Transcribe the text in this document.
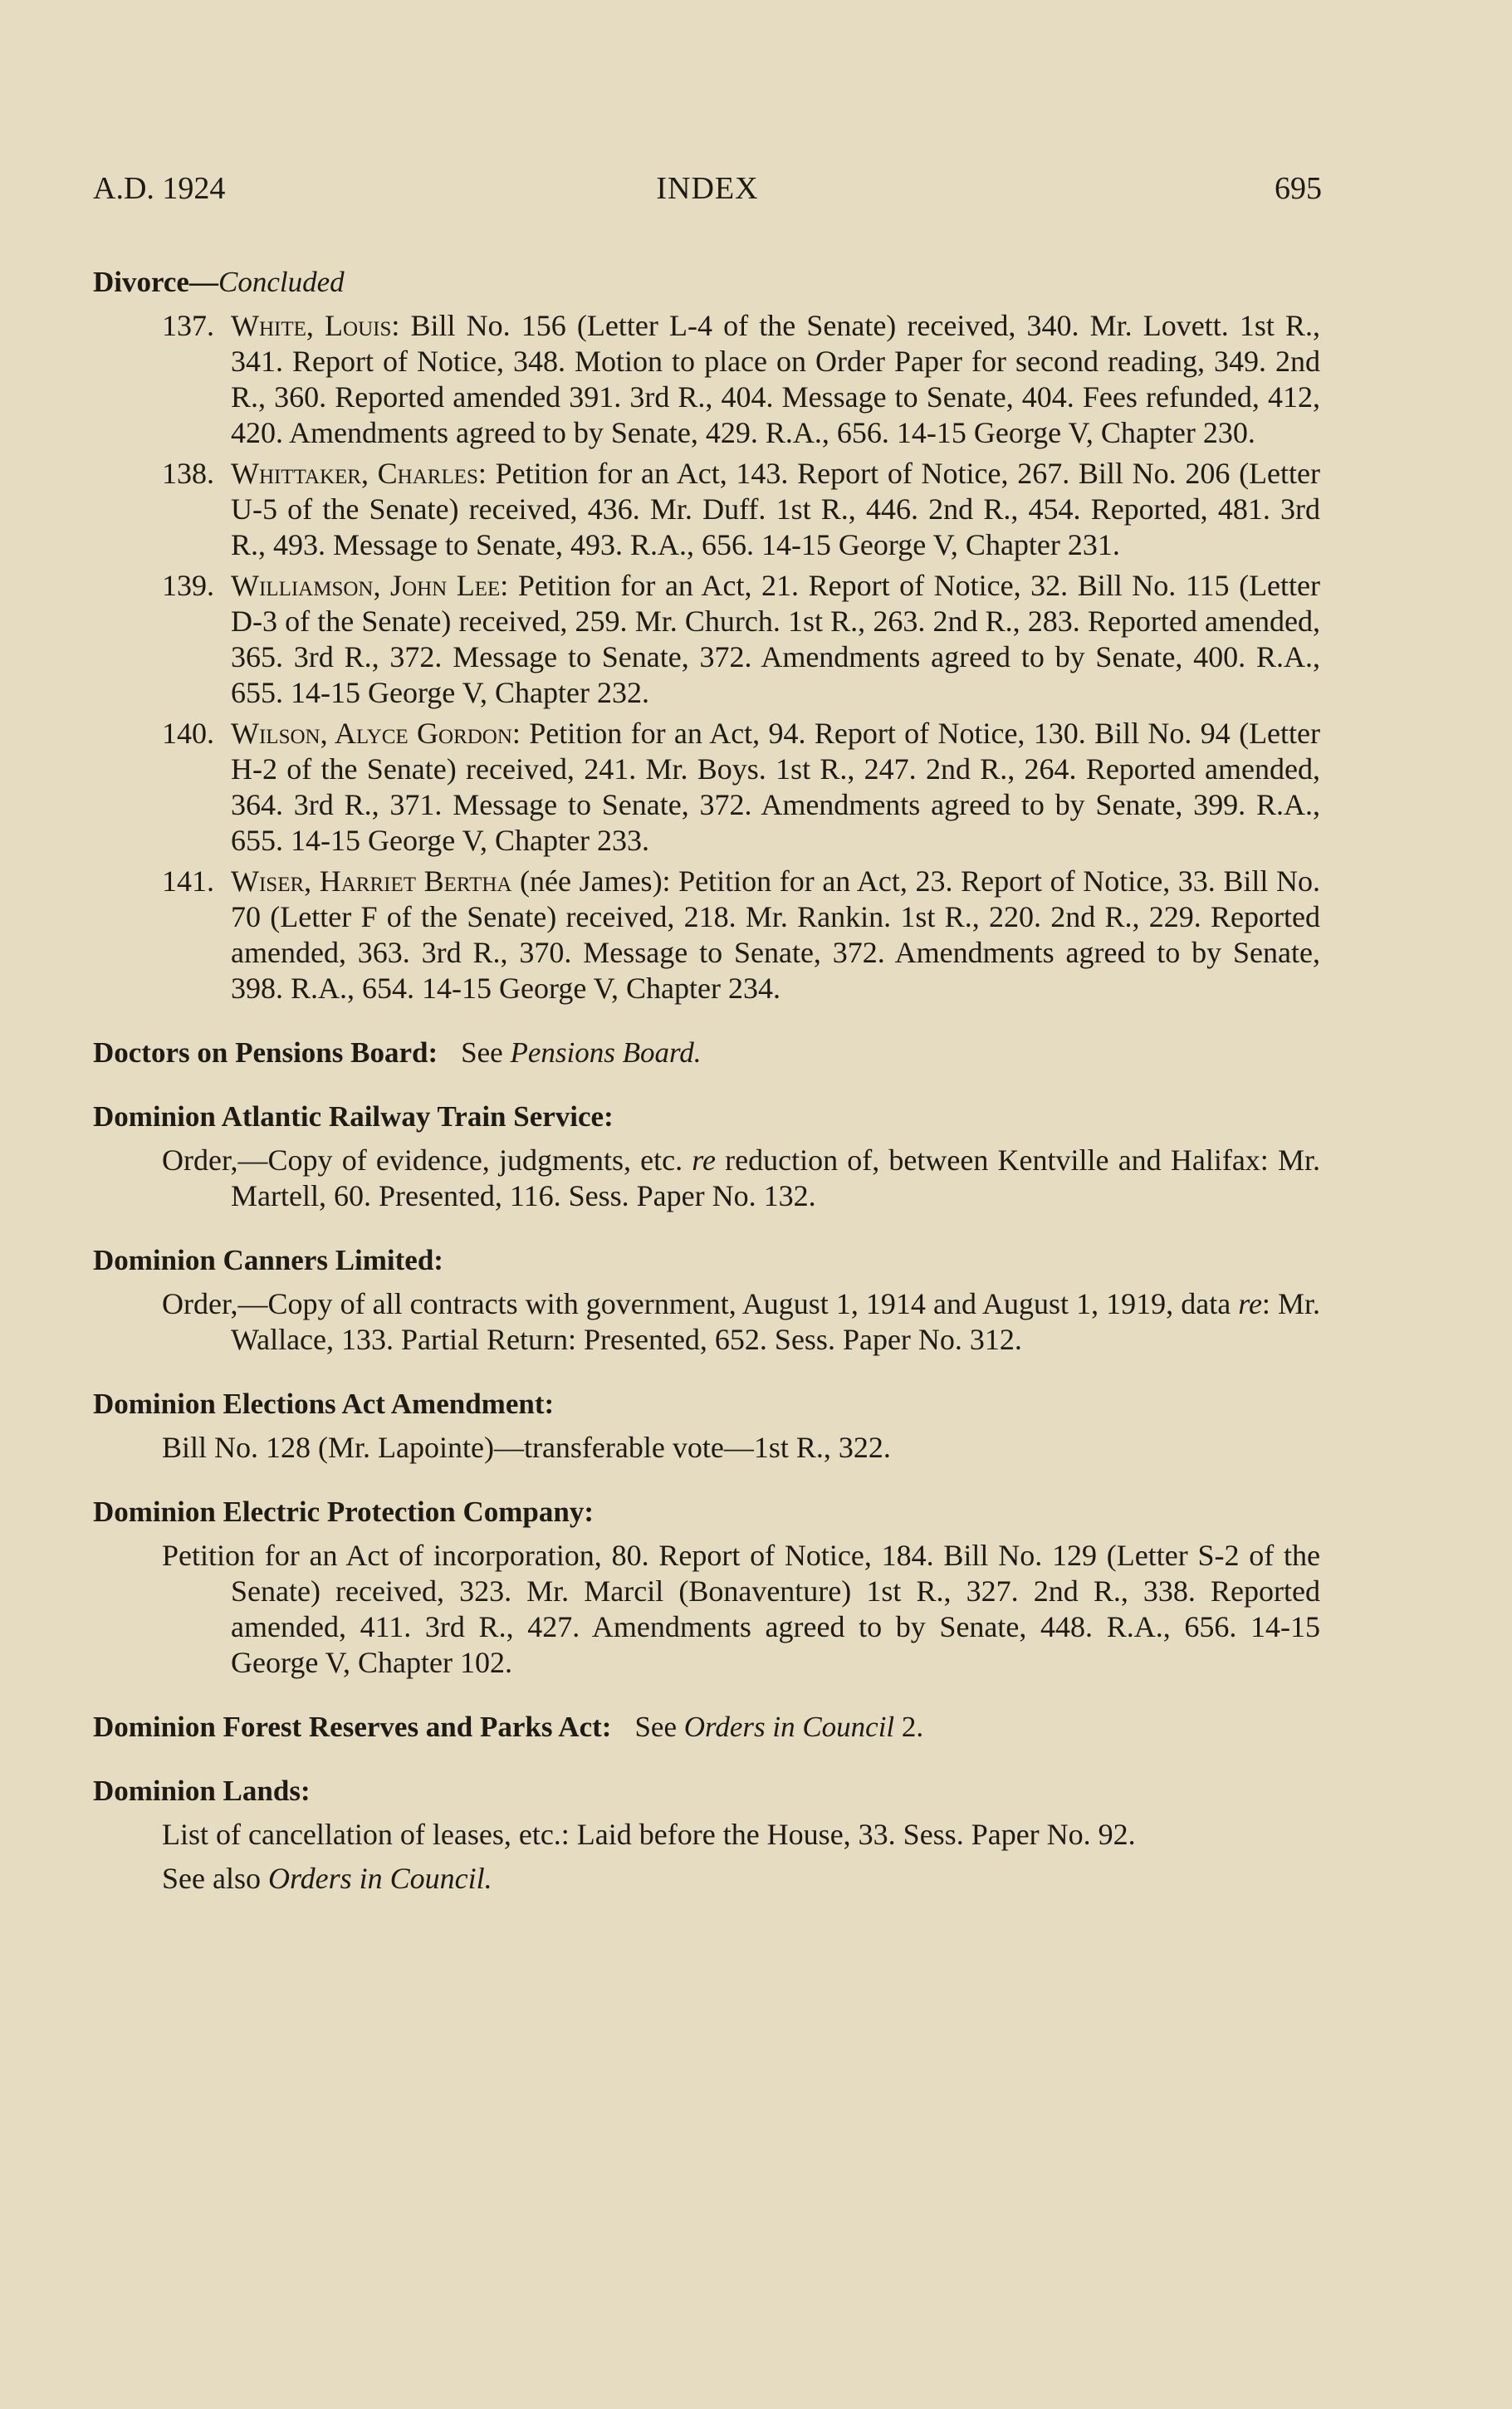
A.D. 1924	INDEX	695

Divorce—Concluded

137. White, Louis: Bill No. 156 (Letter L-4 of the Senate) received, 340. Mr. Lovett. 1st R., 341. Report of Notice, 348. Motion to place on Order Paper for second reading, 349. 2nd R., 360. Reported amended 391. 3rd R., 404. Message to Senate, 404. Fees refunded, 412, 420. Amendments agreed to by Senate, 429. R.A., 656. 14-15 George V, Chapter 230.

138. Whittaker, Charles: Petition for an Act, 143. Report of Notice, 267. Bill No. 206 (Letter U-5 of the Senate) received, 436. Mr. Duff. 1st R., 446. 2nd R., 454. Reported, 481. 3rd R., 493. Message to Senate, 493. R.A., 656. 14-15 George V, Chapter 231.

139. Williamson, John Lee: Petition for an Act, 21. Report of Notice, 32. Bill No. 115 (Letter D-3 of the Senate) received, 259. Mr. Church. 1st R., 263. 2nd R., 283. Reported amended, 365. 3rd R., 372. Message to Senate, 372. Amendments agreed to by Senate, 400. R.A., 655. 14-15 George V, Chapter 232.

140. Wilson, Alyce Gordon: Petition for an Act, 94. Report of Notice, 130. Bill No. 94 (Letter H-2 of the Senate) received, 241. Mr. Boys. 1st R., 247. 2nd R., 264. Reported amended, 364. 3rd R., 371. Message to Senate, 372. Amendments agreed to by Senate, 399. R.A., 655. 14-15 George V, Chapter 233.

141. Wiser, Harriet Bertha (née James): Petition for an Act, 23. Report of Notice, 33. Bill No. 70 (Letter F of the Senate) received, 218. Mr. Rankin. 1st R., 220. 2nd R., 229. Reported amended, 363. 3rd R., 370. Message to Senate, 372. Amendments agreed to by Senate, 398. R.A., 654. 14-15 George V, Chapter 234.

Doctors on Pensions Board: See Pensions Board.

Dominion Atlantic Railway Train Service:

Order,—Copy of evidence, judgments, etc. re reduction of, between Kentville and Halifax: Mr. Martell, 60. Presented, 116. Sess. Paper No. 132.

Dominion Canners Limited:

Order,—Copy of all contracts with government, August 1, 1914 and August 1, 1919, data re: Mr. Wallace, 133. Partial Return: Presented, 652. Sess. Paper No. 312.

Dominion Elections Act Amendment:

Bill No. 128 (Mr. Lapointe)—transferable vote—1st R., 322.

Dominion Electric Protection Company:

Petition for an Act of incorporation, 80. Report of Notice, 184. Bill No. 129 (Letter S-2 of the Senate) received, 323. Mr. Marcil (Bonaventure) 1st R., 327. 2nd R., 338. Reported amended, 411. 3rd R., 427. Amendments agreed to by Senate, 448. R.A., 656. 14-15 George V, Chapter 102.

Dominion Forest Reserves and Parks Act: See Orders in Council 2.

Dominion Lands:

List of cancellation of leases, etc.: Laid before the House, 33. Sess. Paper No. 92.

See also Orders in Council.
